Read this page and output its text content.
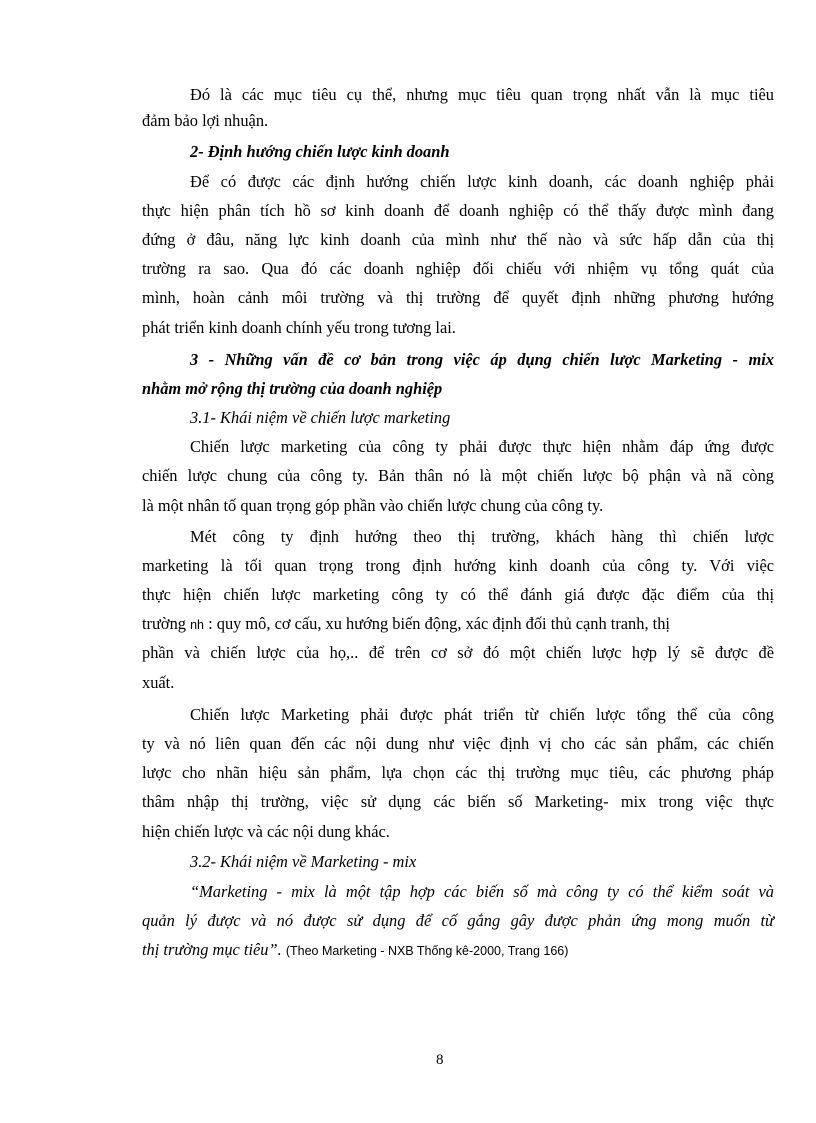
Đó là các mục tiêu cụ thể, nhưng mục tiêu quan trọng nhất vẫn là mục tiêu
đảm bảo lợi nhuận.
2- Định hướng chiến lược kinh doanh
Để có được các định hướng chiến lược kinh doanh, các doanh nghiệp phải
thực hiện phân tích hồ sơ kinh doanh để doanh nghiệp có thể thấy được mình đang
đứng ở đâu, năng lực kinh doanh của mình như thế nào và sức hấp dẫn của thị
trường ra sao. Qua đó các doanh nghiệp đối chiếu với nhiệm vụ tổng quát của
mình, hoàn cảnh môi trường và thị trường để quyết định những phương hướng
phát triển kinh doanh chính yếu trong tương lai.
3 - Những vấn đề cơ bản trong việc áp dụng chiến lược Marketing - mix
nhằm mở rộng thị trường của doanh nghiệp
3.1- Khái niệm về chiến lược marketing
Chiến lược marketing của công ty phải được thực hiện nhằm đáp ứng được
chiến lược chung của công ty. Bản thân nó là một chiến lược bộ phận và nã còng
là một nhân tố quan trọng góp phần vào chiến lược chung của công ty.
Mét công ty định hướng theo thị trường, khách hàng thì chiến lược
marketing là tối quan trọng trong định hướng kinh doanh của công ty. Với việc
thực hiện chiến lược marketing công ty có thể đánh giá được đặc điểm của thị
trường nh : quy mô, cơ cấu, xu hướng biến động, xác định đối thủ cạnh tranh, thị
phần và chiến lược của họ,.. để trên cơ sở đó một chiến lược hợp lý sẽ được đề
xuất.
Chiến lược Marketing phải được phát triển từ chiến lược tổng thể của công
ty và nó liên quan đến các nội dung như việc định vị cho các sản phẩm, các chiến
lược cho nhãn hiệu sản phẩm, lựa chọn các thị trường mục tiêu, các phương pháp
thâm nhập thị trường, việc sử dụng các biến số Marketing- mix trong việc thực
hiện chiến lược và các nội dung khác.
3.2- Khái niệm về Marketing - mix
“Marketing - mix là một tập hợp các biến số mà công ty có thể kiểm soát và
quản lý được và nó được sử dụng để cố gắng gây được phản ứng mong muốn từ
thị trường mục tiêu”. (Theo Marketing - NXB Thống kê-2000, Trang 166)
8
